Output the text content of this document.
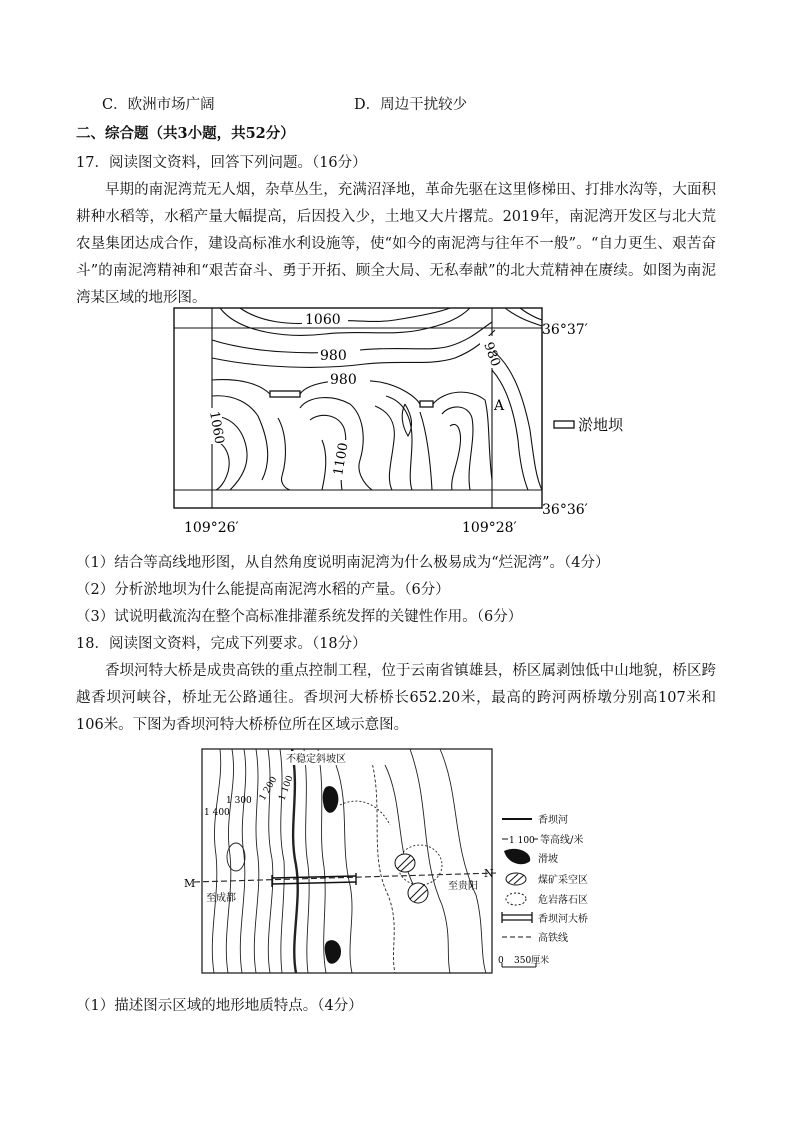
C．欧洲市场广阔	D．周边干扰较少
二、综合题（共3小题，共52分）
17．阅读图文资料，回答下列问题。（16分）
早期的南泥湾荒无人烟，杂草丛生，充满沼泽地，革命先驱在这里修梯田、打排水沟等，大面积耕种水稻等，水稻产量大幅提高，后因投入少，土地又大片撂荒。2019年，南泥湾开发区与北大荒农垦集团达成合作，建设高标准水利设施等，使“如今的南泥湾与往年不一般”。“自力更生、艰苦奋斗”的南泥湾精神和“艰苦奋斗、勇于开拓、顾全大局、无私奉献”的北大荒精神在赓续。如图为南泥湾某区域的地形图。
1060
980
980
980
1060
1100
A
淤地坝
36°37′
36°36′
109°26′	109°28′
（1）结合等高线地形图，从自然角度说明南泥湾为什么极易成为“烂泥湾”。（4分）
（2）分析淤地坝为什么能提高南泥湾水稻的产量。（6分）
（3）试说明截流沟在整个高标准排灌系统发挥的关键性作用。（6分）
18．阅读图文资料，完成下列要求。（18分）
香坝河特大桥是成贵高铁的重点控制工程，位于云南省镇雄县，桥区属剥蚀低中山地貌，桥区跨越香坝河峡谷，桥址无公路通往。香坝河大桥桥长652.20米，最高的跨河两桥墩分别高107米和106米。下图为香坝河特大桥桥位所在区域示意图。
不稳定斜坡区
1 400
1 300 1 200
1 100
M
N
至成都
至贵阳
香坝河
1 100 等高线/米
滑坡
煤矿采空区
危岩落石区
香坝河大桥
高铁线
0 350厘米
（1）描述图示区域的地形地质特点。（4分）
